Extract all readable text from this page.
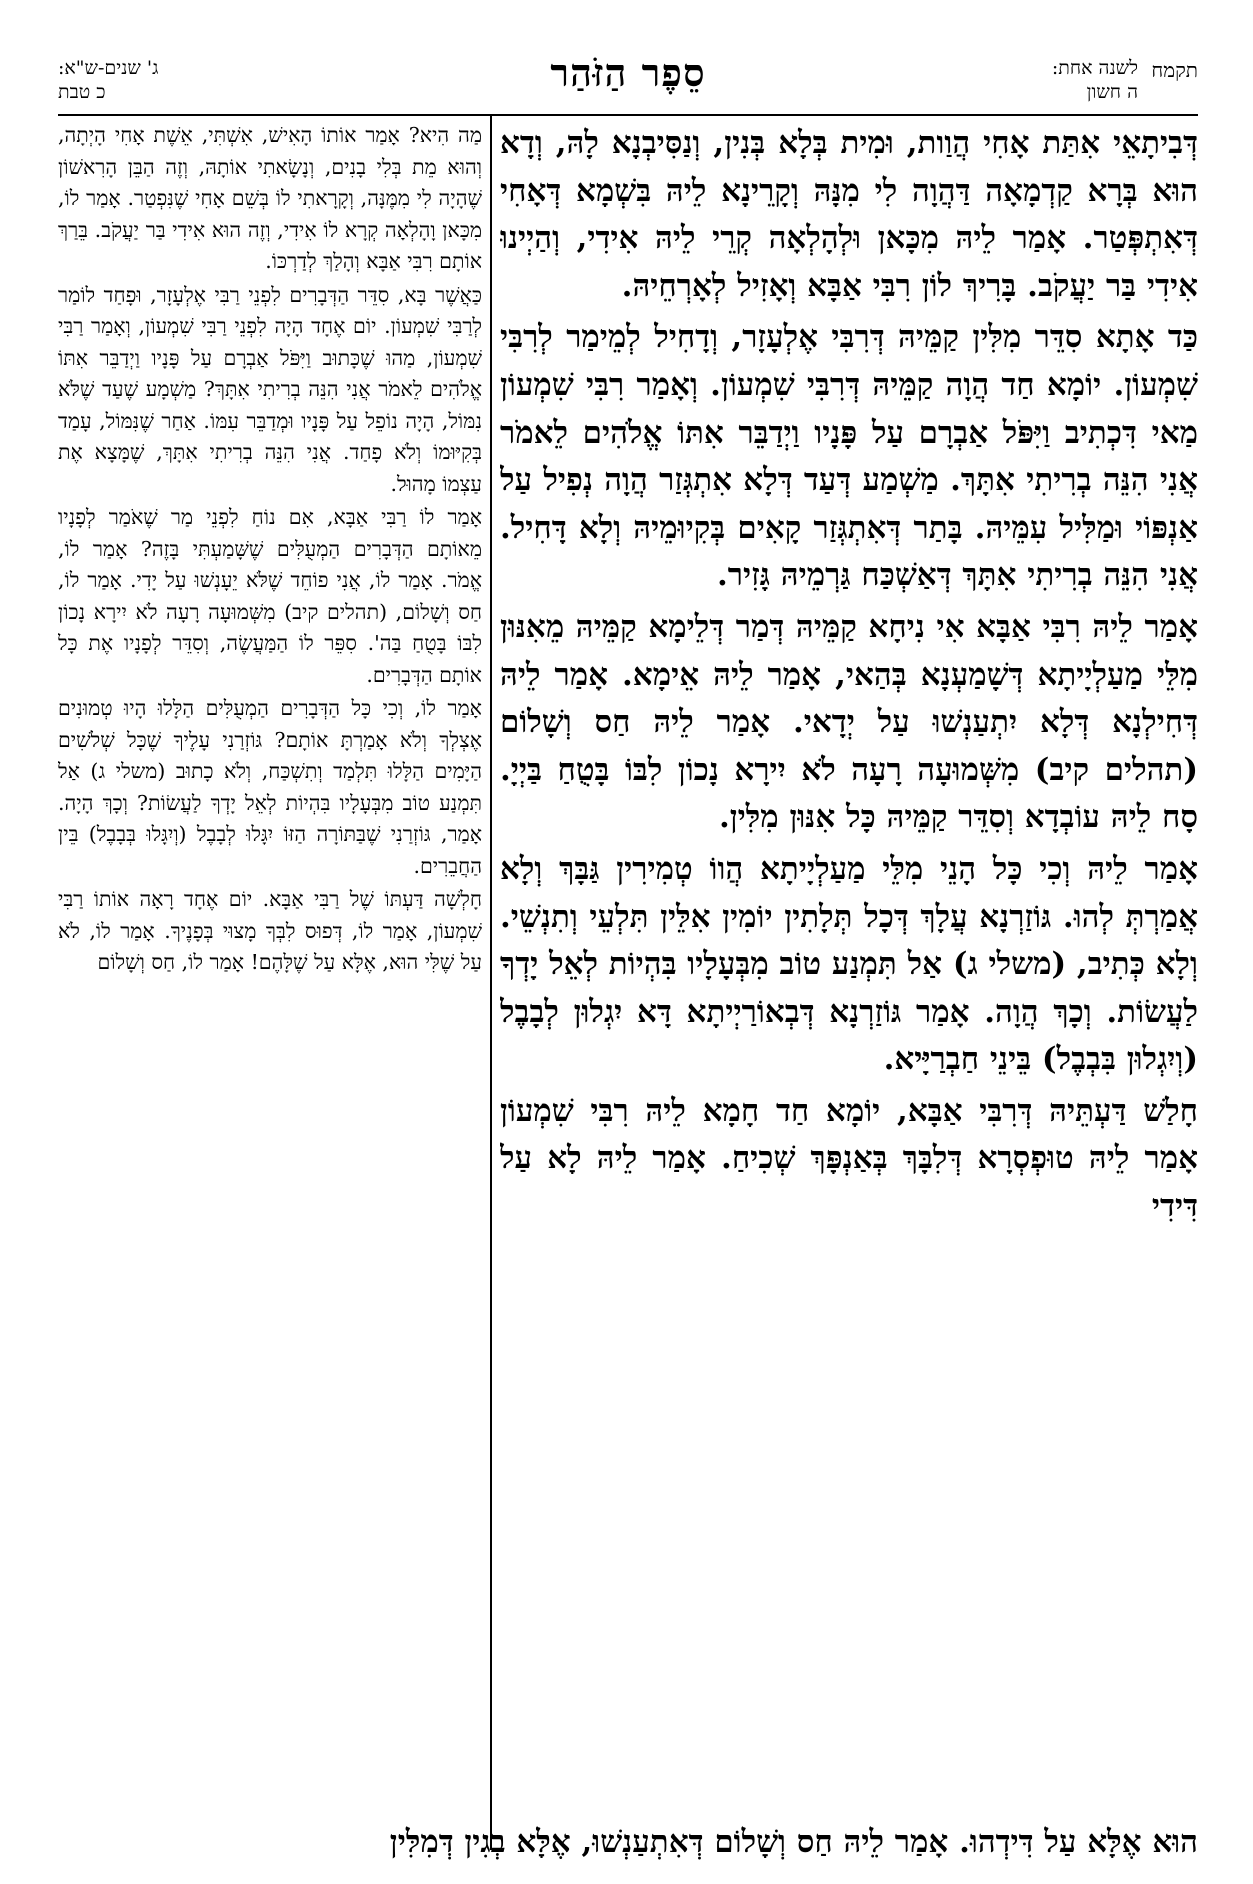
תקמח
לשנה אחת:
ה חשון
סֵפֶר הַזֹּהַר
ג' שנים-ש"א:
כ טבת

דְּבִיתָאֵי אִתַּת אָחִי הֲוַות, וּמִית בְּלָא בְּנִין, וְנַסִּיבְנָא לָהּ, וְדָא הוּא בְּרָא קַדְמָאָה דַּהֲוָה לִי מִנָּהּ וְקָרֵינָא לֵיהּ בִּשְׁמָא דְּאָחִי דְּאִתְפְּטַר. אָמַר לֵיהּ מִכָּאן וּלְהָלְאָה קְרֵי לֵיהּ אִידִי, וְהַיְינוּ אִידִי בַּר יַעֲקֹב. בָּרִיךְ לוֹן רִבִּי אַבָּא וְאָזִיל לְאָרְחֵיהּ.

כַּד אָתָא סִדֵּר מִלִּין קַמֵּיהּ דְּרִבִּי אֶלְעָזָר, וְדָחִיל לְמֵימַר לְרִבִּי שִׁמְעוֹן. יוֹמָא חַד הֲוָה קַמֵּיהּ דְּרִבִּי שִׁמְעוֹן. וְאָמַר רִבִּי שִׁמְעוֹן מַאי דִּכְתִיב וַיִּפֹּל אַבְרָם עַל פָּנָיו וַיְדַבֵּר אִתּוֹ אֱלֹהִים לֵאמֹר אֲנִי הִנֵּה בְרִיתִי אִתָּךְ. מַשְׁמַע דְּעַד דְּלָא אִתְגְּזַר הֲוָה נְפִיל עַל אַנְפּוֹי וּמַלִּיל עִמֵּיהּ. בָּתַר דְּאִתְגְּזַר קָאִים בְּקִיוּמֵיהּ וְלָא דָּחִיל. אֲנִי הִנֵּה בְרִיתִי אִתָּךְ דְּאַשְׁכַּח גַּרְמֵיהּ גָּזִיר.

אָמַר לֵיהּ רִבִּי אַבָּא אִי נִיחָא קַמֵּיהּ דְּמַר דְּלֵימָא קַמֵּיהּ מֵאִנּוּן מִלֵּי מַעַלְיָיתָא דְּשָׁמַעְנָא בְּהַאי, אָמַר לֵיהּ אֵימָא. אָמַר לֵיהּ דְּחִילְנָא דְּלָא יִתְעַנְשׁוּ עַל יְדָאי. אָמַר לֵיהּ חַס וְשָׁלוֹם (תהלים קיב) מִשְּׁמוּעָה רָעָה לֹא יִירָא נָכוֹן לִבּוֹ בָּטֻחַ בַּיְיָ. סָח לֵיהּ עוֹבְדָא וְסִדֵּר קַמֵּיהּ כָּל אִנּוּן מִלִּין.

אָמַר לֵיהּ וְכִי כָּל הָנֵי מִלֵּי מַעַלְיָיתָא הֲווֹ טְמִירִין גַּבָּךְ וְלָא אֲמַרְתְּ לְהוּ. גּוֹזַרְנָא עֲלָךְ דְּכָל תְּלָתִין יוֹמִין אִלֵּין תִּלְעֵי וְתִנְשֵׁי. וְלָא כְּתִיב, (משלי ג) אַל תִּמְנַע טוֹב מִבְּעָלָיו בִּהְיוֹת לְאֵל יָדְךָ לַעֲשׂוֹת. וְכָךְ הֲוָה. אָמַר גּוֹזַרְנָא דְּבְאוֹרַיְיתָא דָּא יִגְלוּן לְבָבֶל (וְיִגְלוּן בִּבְבֶל) בֵּינֵי חַבְרַיָּיא.

חָלַשׁ דַּעְתֵּיהּ דְּרִבִּי אַבָּא, יוֹמָא חַד חָמָא לֵיהּ רִבִּי שִׁמְעוֹן אָמַר לֵיהּ טוּפְסְרָא דְּלִבָּךְ בְּאַנְפָּךְ שְׁכִיחַ. אָמַר לֵיהּ לָא עַל דִּידִי

מַה הִיא? אָמַר אוֹתוֹ הָאִישׁ, אִשְׁתִּי, אֵשֶׁת אָחִי הָיְתָה, וְהוּא מֵת בְּלִי בָנִים, וְנָשָׂאתִי אוֹתָהּ, וְזֶה הַבֵּן הָרִאשׁוֹן שֶׁהָיָה לִי מִמֶּנָּה, וְקָרָאתִי לוֹ בְּשֵׁם אָחִי שֶׁנִּפְטַר. אָמַר לוֹ, מִכָּאן וָהָלְאָה קְרָא לוֹ אִידִי, וְזֶה הוּא אִידִי בַּר יַעֲקֹב. בֵּרַךְ אוֹתָם רִבִּי אַבָּא וְהָלַךְ לְדַרְכּוֹ.

כַּאֲשֶׁר בָּא, סִדֵּר הַדְּבָרִים לִפְנֵי רַבִּי אֶלְעָזָר, וּפָחַד לוֹמַר לְרַבִּי שִׁמְעוֹן. יוֹם אֶחָד הָיָה לִפְנֵי רַבִּי שִׁמְעוֹן, וְאָמַר רַבִּי שִׁמְעוֹן, מַהוּ שֶׁכָּתוּב וַיִּפֹּל אַבְרָם עַל פָּנָיו וַיְדַבֵּר אִתּוֹ אֱלֹהִים לֵאמֹר אֲנִי הִנֵּה בְרִיתִי אִתָּךְ? מַשְׁמָע שֶׁעַד שֶׁלֹּא נִמּוֹל, הָיָה נוֹפֵל עַל פָּנָיו וּמְדַבֵּר עִמּוֹ. אַחַר שֶׁנִּמּוֹל, עָמַד בְּקִיּוּמוֹ וְלֹא פָחַד. אֲנִי הִנֵּה בְרִיתִי אִתָּךְ, שֶׁמָּצָא אֶת עַצְמוֹ מָהוּל.

אָמַר לוֹ רַבִּי אַבָּא, אִם נוֹחַ לִפְנֵי מַר שֶׁאֹמַר לְפָנָיו מֵאוֹתָם הַדְּבָרִים הַמְעֻלִּים שֶׁשָּׁמַעְתִּי בָּזֶה? אָמַר לוֹ, אֱמֹר. אָמַר לוֹ, אֲנִי פוֹחֵד שֶׁלֹּא יֵעָנְשׁוּ עַל יָדִי. אָמַר לוֹ, חַס וְשָׁלוֹם, (תהלים קיב) מִשְּׁמוּעָה רָעָה לֹא יִירָא נָכוֹן לִבּוֹ בָּטֻחַ בַּה'. סִפֵּר לוֹ הַמַּעֲשֶׂה, וְסִדֵּר לְפָנָיו אֶת כָּל אוֹתָם הַדְּבָרִים.

אָמַר לוֹ, וְכִי כָּל הַדְּבָרִים הַמְעֻלִּים הַלָּלוּ הָיוּ טְמוּנִים אֶצְלְךָ וְלֹא אָמַרְתָּ אוֹתָם? גּוֹזְרַנִי עָלֶיךָ שֶׁכָּל שְׁלֹשִׁים הַיָּמִים הַלָּלוּ תִּלְמַד וְתִשְׁכַּח, וְלֹא כָתוּב (משלי ג) אַל תִּמְנַע טוֹב מִבְּעָלָיו בִּהְיוֹת לְאֵל יָדְךָ לַעֲשׂוֹת? וְכָךְ הָיָה. אָמַר, גּוֹזְרַנִי שֶׁבַּתּוֹרָה הַזּוֹ יִגָּלוּ לְבָבֶל (וְיִגָּלוּ בְּבָבֶל) בֵּין הַחֲבֵרִים.

חָלְשָׁה דַּעְתּוֹ שֶׁל רַבִּי אַבָּא. יוֹם אֶחָד רָאָה אוֹתוֹ רַבִּי שִׁמְעוֹן, אָמַר לוֹ, דְּפוּס לִבְּךָ מָצוּי בְּפָנֶיךָ. אָמַר לוֹ, לֹא עַל שֶׁלִּי הוּא, אֶלָּא עַל שֶׁלָּהֶם! אָמַר לוֹ, חַס וְשָׁלוֹם

הוּא אֶלָּא עַל דִּידְהוּ. אָמַר לֵיהּ חַס וְשָׁלוֹם דְּאִתְעַנְשׁוּ, אֶלָּא בְגִין דְּמִלִּין
